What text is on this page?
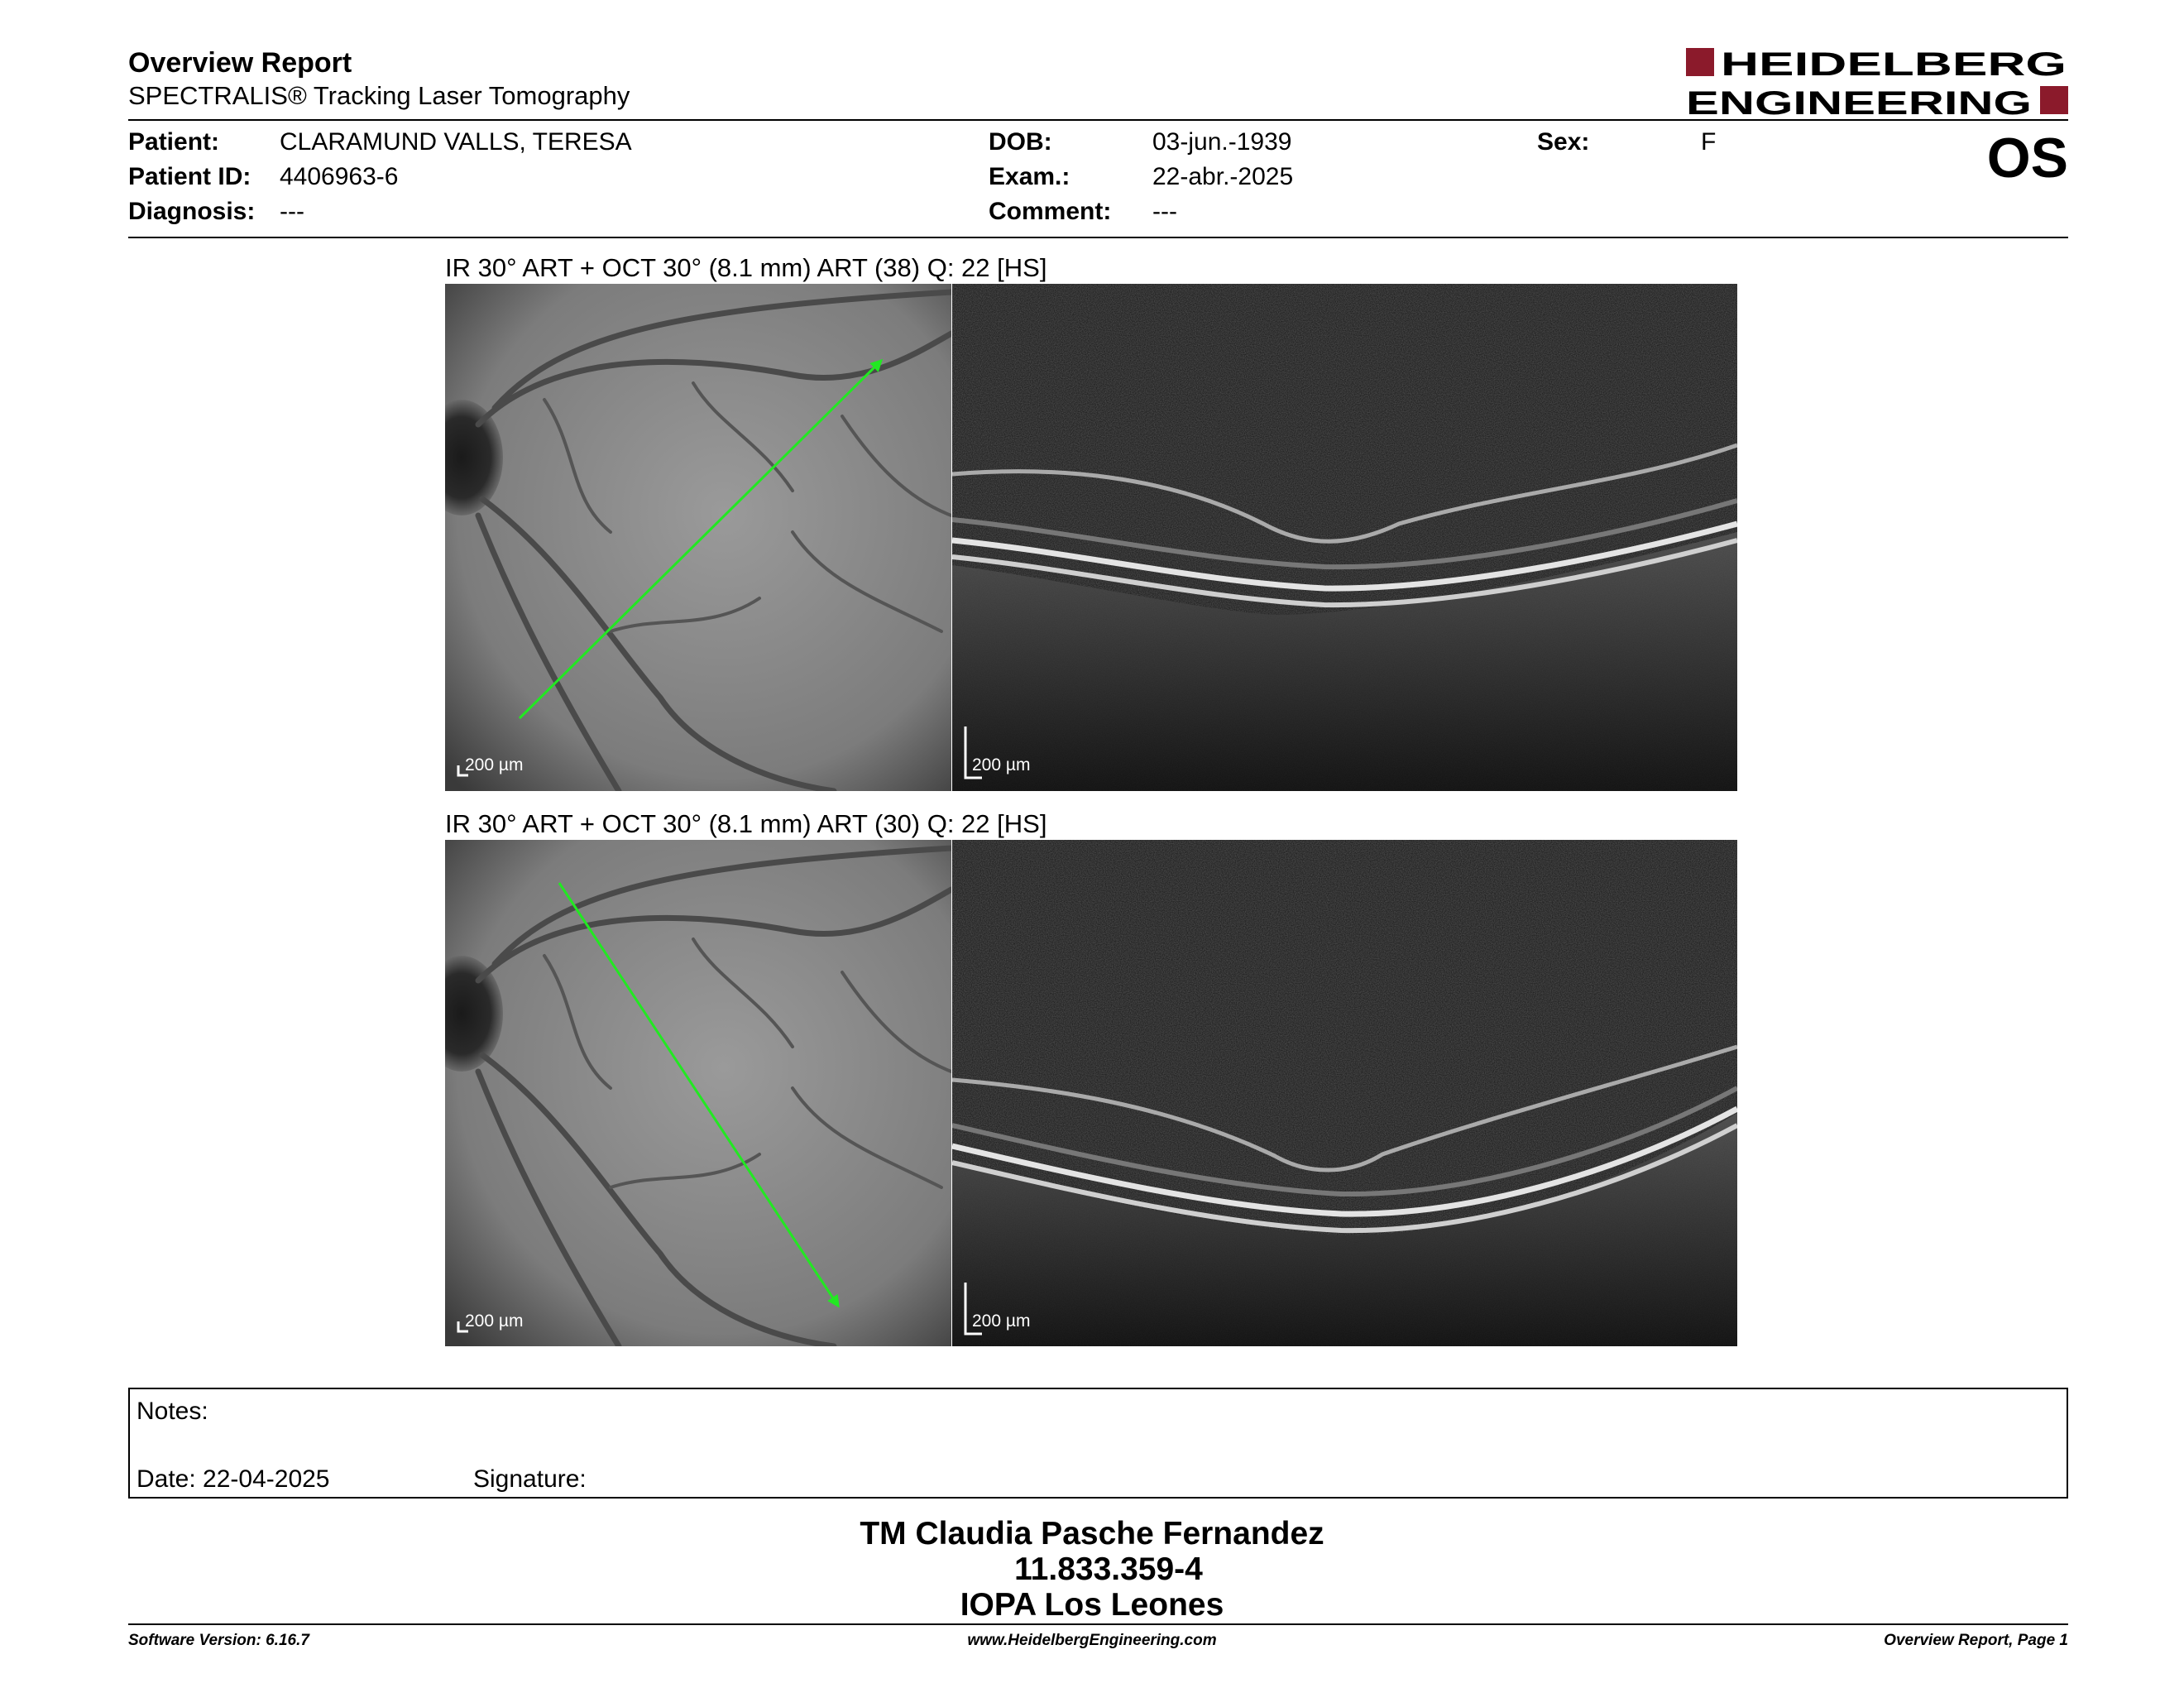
Overview Report
SPECTRALIS® Tracking Laser Tomography
HEIDELBERG
ENGINEERING
Patient: CLARAMUND VALLS, TERESA
Patient ID: 4406963-6
Diagnosis: ---
DOB:	03-jun.-1939
Exam.:	22-abr.-2025
Comment: ---
Sex:	F	OS
IR 30° ART + OCT 30° (8.1 mm) ART (38) Q: 22 [HS]
200 µm	200 µm
IR 30° ART + OCT 30° (8.1 mm) ART (30) Q: 22 [HS]
200 µm	200 µm
Notes:
Date: 22-04-2025	Signature:
TM Claudia Pasche Fernandez
11.833.359-4
IOPA Los Leones
Software Version: 6.16.7	www.HeidelbergEngineering.com	Overview Report, Page 1
